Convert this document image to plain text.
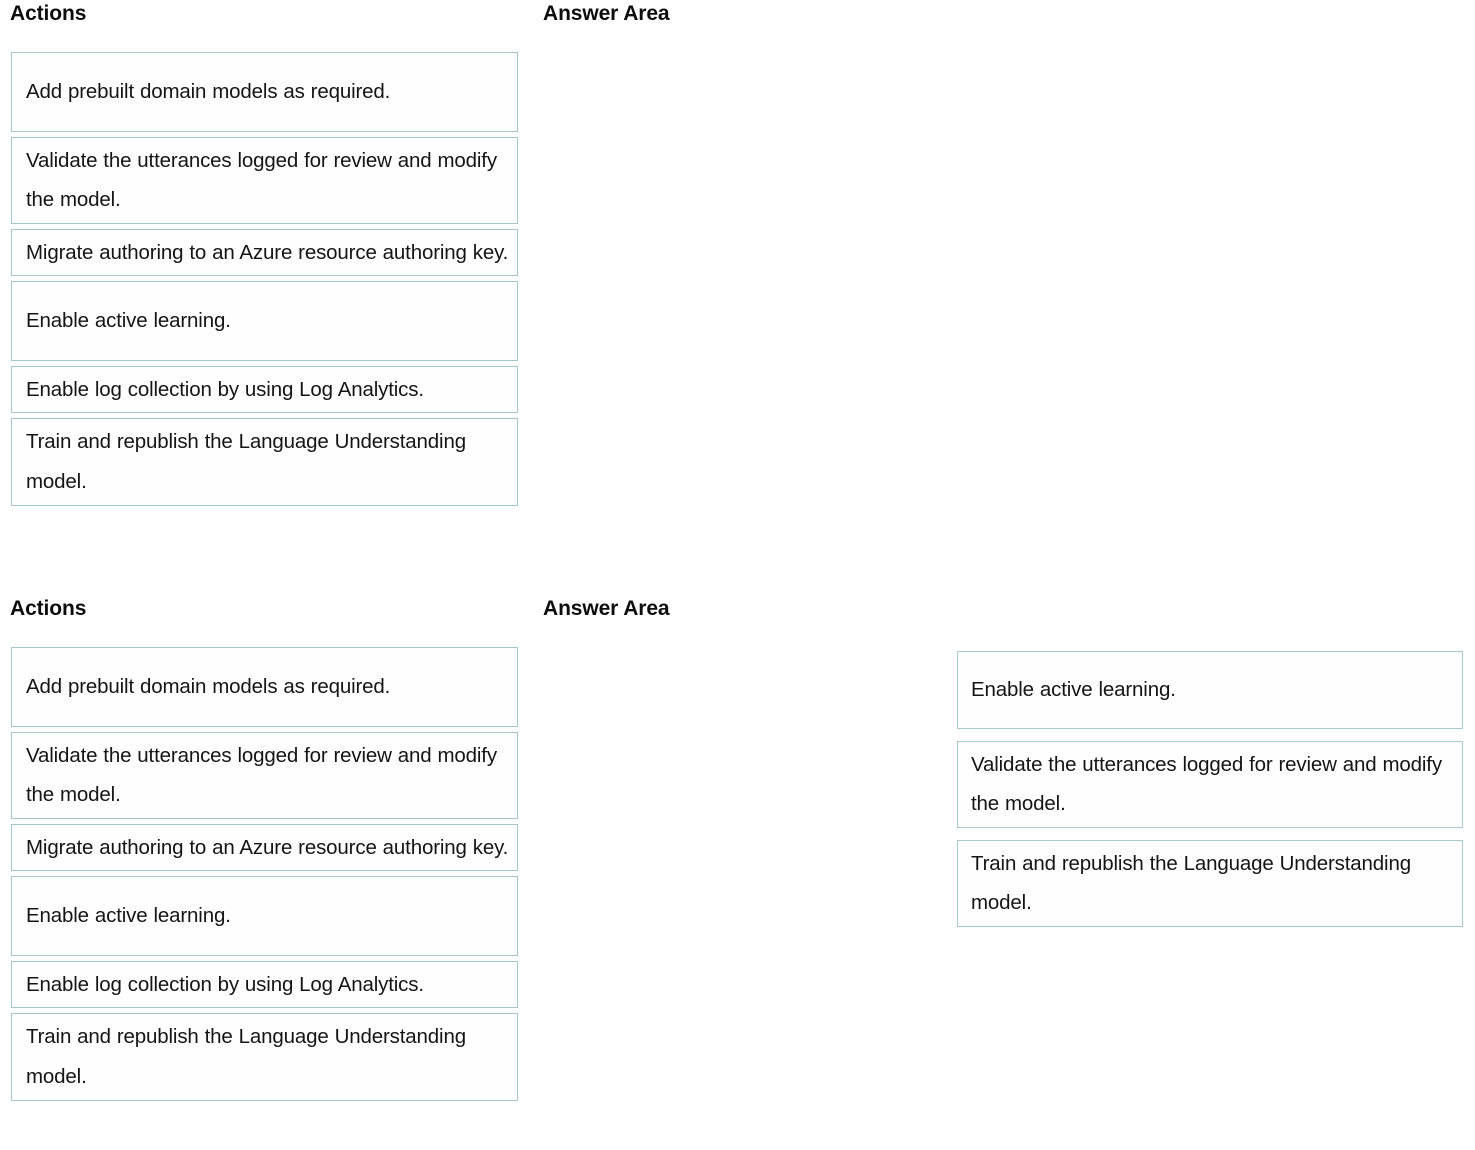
Actions	Answer Area
Add prebuilt domain models as required.
Validate the utterances logged for review and modify the model.
Migrate authoring to an Azure resource authoring key.
Enable active learning.
Enable log collection by using Log Analytics.
Train and republish the Language Understanding model.
Actions	Answer Area
Add prebuilt domain models as required.
Validate the utterances logged for review and modify the model.
Migrate authoring to an Azure resource authoring key.
Enable active learning.
Enable log collection by using Log Analytics.
Train and republish the Language Understanding model.
Enable active learning.
Validate the utterances logged for review and modify the model.
Train and republish the Language Understanding model.
